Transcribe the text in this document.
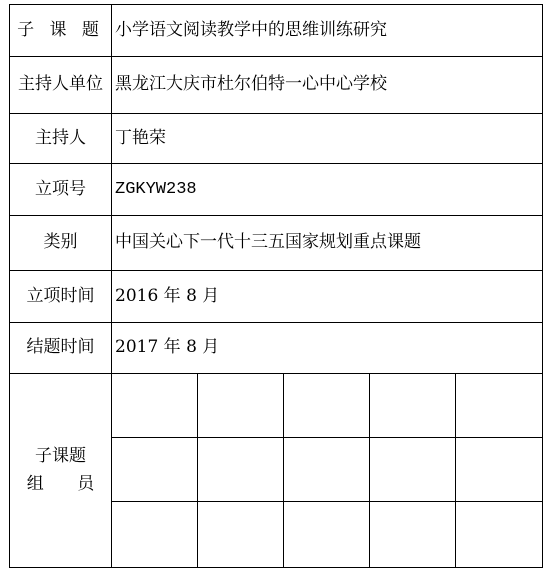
子 课 题	小学语文阅读教学中的思维训练研究				
主持人单位	黑龙江大庆市杜尔伯特一心中心学校				
主持人	丁艳荣				
立项号	ZGKYW238				
类别	中国关心下一代十三五国家规划重点课题				
立项时间	2016 年 8 月				
结题时间	2017 年 8 月				

子课题
组 员					
